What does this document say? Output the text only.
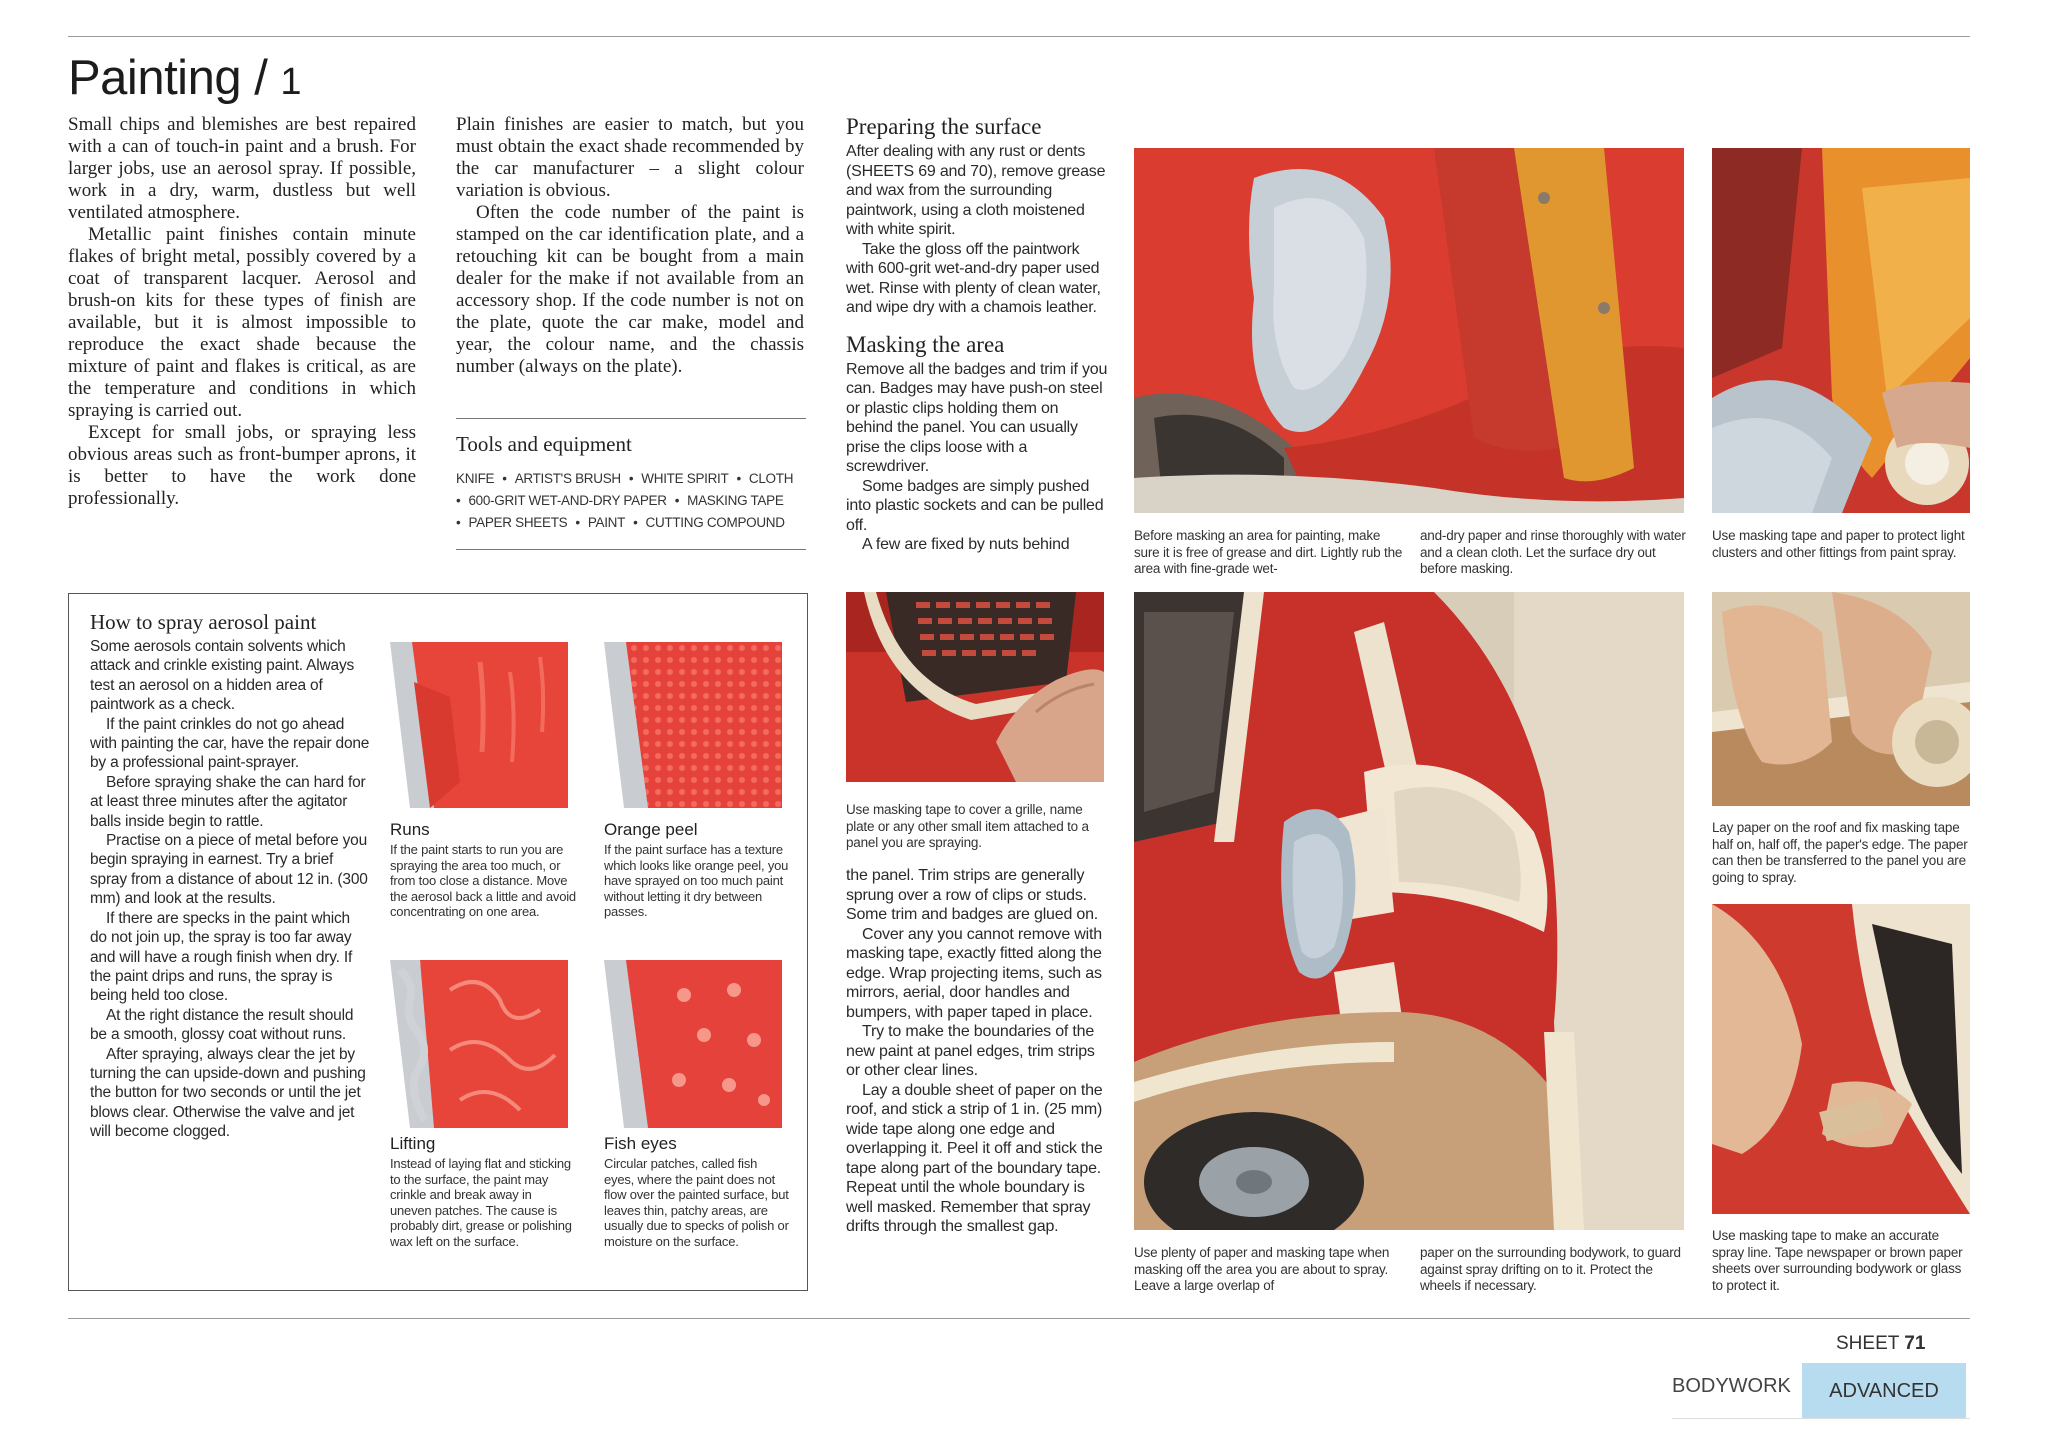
Painting / 1

Small chips and blemishes are best repaired with a can of touch-in paint and a brush. For larger jobs, use an aerosol spray. If possible, work in a dry, warm, dustless but well ventilated atmosphere.

Metallic paint finishes contain minute flakes of bright metal, possibly covered by a coat of transparent lacquer. Aerosol and brush-on kits for these types of finish are available, but it is almost impossible to reproduce the exact shade because the mixture of paint and flakes is critical, as are the temperature and conditions in which spraying is carried out.

Except for small jobs, or spraying less obvious areas such as front-bumper aprons, it is better to have the work done professionally.

Plain finishes are easier to match, but you must obtain the exact shade recommended by the car manufacturer – a slight colour variation is obvious.

Often the code number of the paint is stamped on the car identification plate, and a retouching kit can be bought from a main dealer for the make if not available from an accessory shop. If the code number is not on the plate, quote the car make, model and year, the colour name, and the chassis number (always on the plate).

Tools and equipment
KNIFE • ARTIST'S BRUSH • WHITE SPIRIT • CLOTH
• 600-GRIT WET-AND-DRY PAPER • MASKING TAPE
• PAPER SHEETS • PAINT • CUTTING COMPOUND
Preparing the surface

After dealing with any rust or dents (SHEETS 69 and 70), remove grease and wax from the surrounding paintwork, using a cloth moistened with white spirit.

Take the gloss off the paintwork with 600-grit wet-and-dry paper used wet. Rinse with plenty of clean water, and wipe dry with a chamois leather.

Masking the area

Remove all the badges and trim if you can. Badges may have push-on steel or plastic clips holding them on behind the panel. You can usually prise the clips loose with a screwdriver.

Some badges are simply pushed into plastic sockets and can be pulled off.

A few are fixed by nuts behind

Use masking tape to cover a grille, name plate or any other small item attached to a panel you are spraying.

the panel. Trim strips are generally sprung over a row of clips or studs. Some trim and badges are glued on.

Cover any you cannot remove with masking tape, exactly fitted along the edge. Wrap projecting items, such as mirrors, aerial, door handles and bumpers, with paper taped in place.

Try to make the boundaries of the new paint at panel edges, trim strips or other clear lines.

Lay a double sheet of paper on the roof, and stick a strip of 1 in. (25 mm) wide tape along one edge and overlapping it. Peel it off and stick the tape along part of the boundary tape. Repeat until the whole boundary is well masked. Remember that spray drifts through the smallest gap.

Before masking an area for painting, make sure it is free of grease and dirt. Lightly rub the area with fine-grade wet-
and-dry paper and rinse thoroughly with water and a clean cloth. Let the surface dry out before masking.
Use masking tape and paper to protect light clusters and other fittings from paint spray.
Use plenty of paper and masking tape when masking off the area you are about to spray. Leave a large overlap of
paper on the surrounding bodywork, to guard against spray drifting on to it. Protect the wheels if necessary.
Lay paper on the roof and fix masking tape half on, half off, the paper's edge. The paper can then be transferred to the panel you are going to spray.
Use masking tape to make an accurate spray line. Tape newspaper or brown paper sheets over surrounding bodywork or glass to protect it.
How to spray aerosol paint

Some aerosols contain solvents which attack and crinkle existing paint. Always test an aerosol on a hidden area of paintwork as a check.

If the paint crinkles do not go ahead with painting the car, have the repair done by a professional paint-sprayer.

Before spraying shake the can hard for at least three minutes after the agitator balls inside begin to rattle.

Practise on a piece of metal before you begin spraying in earnest. Try a brief spray from a distance of about 12 in. (300 mm) and look at the results.

If there are specks in the paint which do not join up, the spray is too far away and will have a rough finish when dry. If the paint drips and runs, the spray is being held too close.

At the right distance the result should be a smooth, glossy coat without runs.

After spraying, always clear the jet by turning the can upside-down and pushing the button for two seconds or until the jet blows clear. Otherwise the valve and jet will become clogged.

Runs
If the paint starts to run you are spraying the area too much, or from too close a distance. Move the aerosol back a little and avoid concentrating on one area.
Orange peel
If the paint surface has a texture which looks like orange peel, you have sprayed on too much paint without letting it dry between passes.
Lifting
Instead of laying flat and sticking to the surface, the paint may crinkle and break away in uneven patches. The cause is probably dirt, grease or polishing wax left on the surface.
Fish eyes
Circular patches, called fish eyes, where the paint does not flow over the painted surface, but leaves thin, patchy areas, are usually due to specks of polish or moisture on the surface.
SHEET 71
BODYWORK	ADVANCED
